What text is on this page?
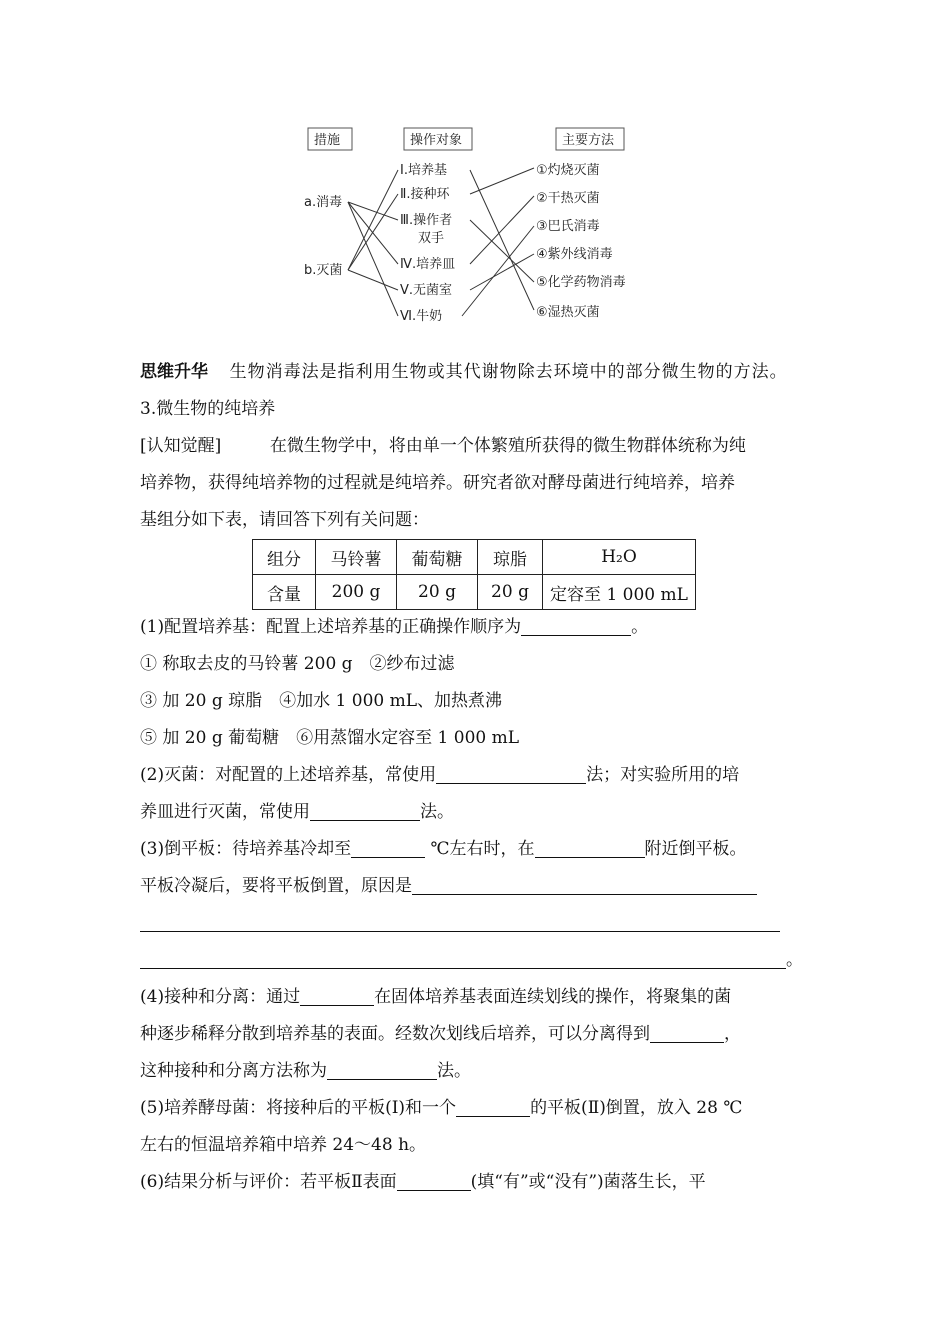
措施	操作对象	主要方法
a.消毒
b.灭菌
Ⅰ.培养基
Ⅱ.接种环
Ⅲ.操作者
双手
Ⅳ.培养皿
Ⅴ.无菌室
Ⅵ.牛奶
①灼烧灭菌
②干热灭菌
③巴氏消毒
④紫外线消毒
⑤化学药物消毒
⑥湿热灭菌
思维升华 生物消毒法是指利用生物或其代谢物除去环境中的部分微生物的方法。
3.微生物的纯培养
[认知觉醒]	在微生物学中，将由单一个体繁殖所获得的微生物群体统称为纯
培养物，获得纯培养物的过程就是纯培养。研究者欲对酵母菌进行纯培养，培养
基组分如下表，请回答下列有关问题：
组分	马铃薯	葡萄糖	琼脂	H₂O
含量	200 g	20 g	20 g	定容至 1 000 mL
(1)配置培养基：配置上述培养基的正确操作顺序为	。
① 称取去皮的马铃薯 200 g　②纱布过滤
③ 加 20 g 琼脂　④加水 1 000 mL、加热煮沸
⑤ 加 20 g 葡萄糖　⑥用蒸馏水定容至 1 000 mL
(2)灭菌：对配置的上述培养基，常使用	法；对实验所用的培
养皿进行灭菌，常使用	法。
(3)倒平板：待培养基冷却至	℃左右时，在	附近倒平板。
平板冷凝后，要将平板倒置，原因是
。
(4)接种和分离：通过	在固体培养基表面连续划线的操作，将聚集的菌
种逐步稀释分散到培养基的表面。经数次划线后培养，可以分离得到	，
这种接种和分离方法称为	法。
(5)培养酵母菌：将接种后的平板(Ⅰ)和一个	的平板(Ⅱ)倒置，放入 28 ℃
左右的恒温培养箱中培养 24～48 h。
(6)结果分析与评价：若平板Ⅱ表面	(填“有”或“没有”)菌落生长，平
